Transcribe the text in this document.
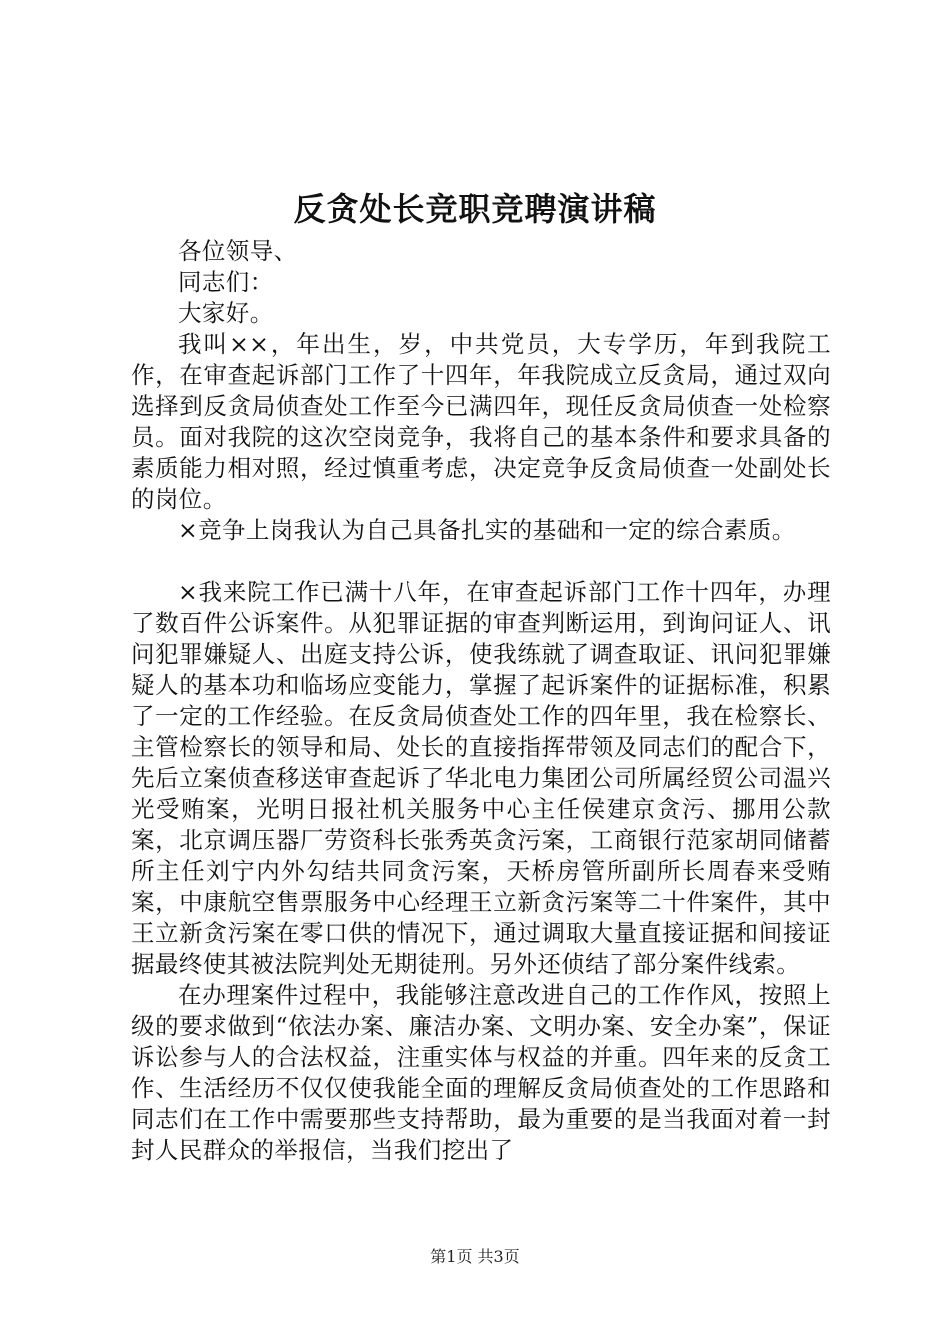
反贪处长竞职竞聘演讲稿

各位领导、

同志们：

大家好。

我叫××，年出生，岁，中共党员，大专学历，年到我院工作，在审查起诉部门工作了十四年，年我院成立反贪局，通过双向选择到反贪局侦查处工作至今已满四年，现任反贪局侦查一处检察员。面对我院的这次空岗竞争，我将自己的基本条件和要求具备的素质能力相对照，经过慎重考虑，决定竞争反贪局侦查一处副处长的岗位。

×竞争上岗我认为自己具备扎实的基础和一定的综合素质。

×我来院工作已满十八年，在审查起诉部门工作十四年，办理了数百件公诉案件。从犯罪证据的审查判断运用，到询问证人、讯问犯罪嫌疑人、出庭支持公诉，使我练就了调查取证、讯问犯罪嫌疑人的基本功和临场应变能力，掌握了起诉案件的证据标准，积累了一定的工作经验。在反贪局侦查处工作的四年里，我在检察长、主管检察长的领导和局、处长的直接指挥带领及同志们的配合下，先后立案侦查移送审查起诉了华北电力集团公司所属经贸公司温兴光受贿案，光明日报社机关服务中心主任侯建京贪污、挪用公款案，北京调压器厂劳资科长张秀英贪污案，工商银行范家胡同储蓄所主任刘宁内外勾结共同贪污案，天桥房管所副所长周春来受贿案，中康航空售票服务中心经理王立新贪污案等二十件案件，其中王立新贪污案在零口供的情况下，通过调取大量直接证据和间接证据最终使其被法院判处无期徒刑。另外还侦结了部分案件线索。

在办理案件过程中，我能够注意改进自己的工作作风，按照上级的要求做到“依法办案、廉洁办案、文明办案、安全办案”，保证诉讼参与人的合法权益，注重实体与权益的并重。四年来的反贪工作、生活经历不仅仅使我能全面的理解反贪局侦查处的工作思路和同志们在工作中需要那些支持帮助，最为重要的是当我面对着一封封人民群众的举报信，当我们挖出了

第1页 共3页
